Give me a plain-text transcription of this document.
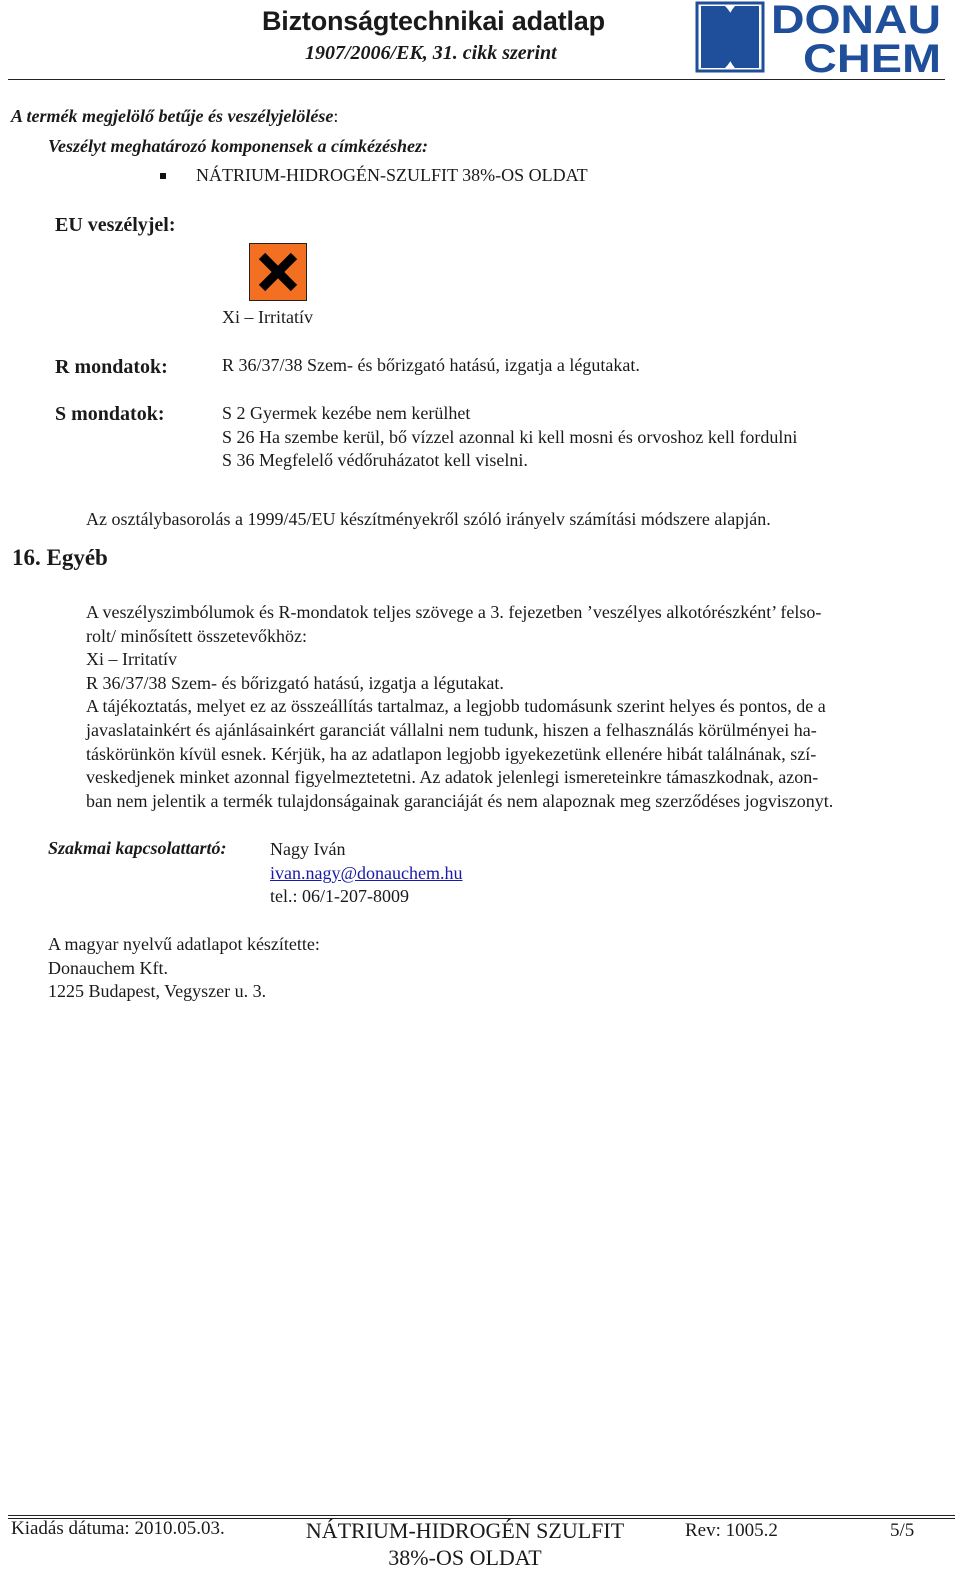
Biztonságtechnikai adatlap
1907/2006/EK, 31. cikk szerint
DONAU
CHEM
A termék megjelölő betűje és veszélyjelölése:
Veszélyt meghatározó komponensek a címkézéshez:
NÁTRIUM-HIDROGÉN-SZULFIT 38%-OS OLDAT
EU veszélyjel:
Xi – Irritatív
R mondatok:	R 36/37/38 Szem- és bőrizgató hatású, izgatja a légutakat.
S mondatok:	S 2 Gyermek kezébe nem kerülhet
S 26 Ha szembe kerül, bő vízzel azonnal ki kell mosni és orvoshoz kell fordulni
S 36 Megfelelő védőruházatot kell viselni.
Az osztálybasorolás a 1999/45/EU készítményekről szóló irányelv számítási módszere alapján.
16. Egyéb
A veszélyszimbólumok és R-mondatok teljes szövege a 3. fejezetben ’veszélyes alkotórészként’ felso-
rolt/ minősített összetevőkhöz:
Xi – Irritatív
R 36/37/38 Szem- és bőrizgató hatású, izgatja a légutakat.
A tájékoztatás, melyet ez az összeállítás tartalmaz, a legjobb tudomásunk szerint helyes és pontos, de a
javaslatainkért és ajánlásainkért garanciát vállalni nem tudunk, hiszen a felhasználás körülményei ha-
táskörünkön kívül esnek. Kérjük, ha az adatlapon legjobb igyekezetünk ellenére hibát találnának, szí-
veskedjenek minket azonnal figyelmeztetetni. Az adatok jelenlegi ismereteinkre támaszkodnak, azon-
ban nem jelentik a termék tulajdonságainak garanciáját és nem alapoznak meg szerződéses jogviszonyt.
Szakmai kapcsolattartó: Nagy Iván
ivan.nagy@donauchem.hu
tel.: 06/1-207-8009
A magyar nyelvű adatlapot készítette:
Donauchem Kft.
1225 Budapest, Vegyszer u. 3.
Kiadás dátuma: 2010.05.03.	NÁTRIUM-HIDROGÉN SZULFIT
38%-OS OLDAT
Rev: 1005.2	5/5
